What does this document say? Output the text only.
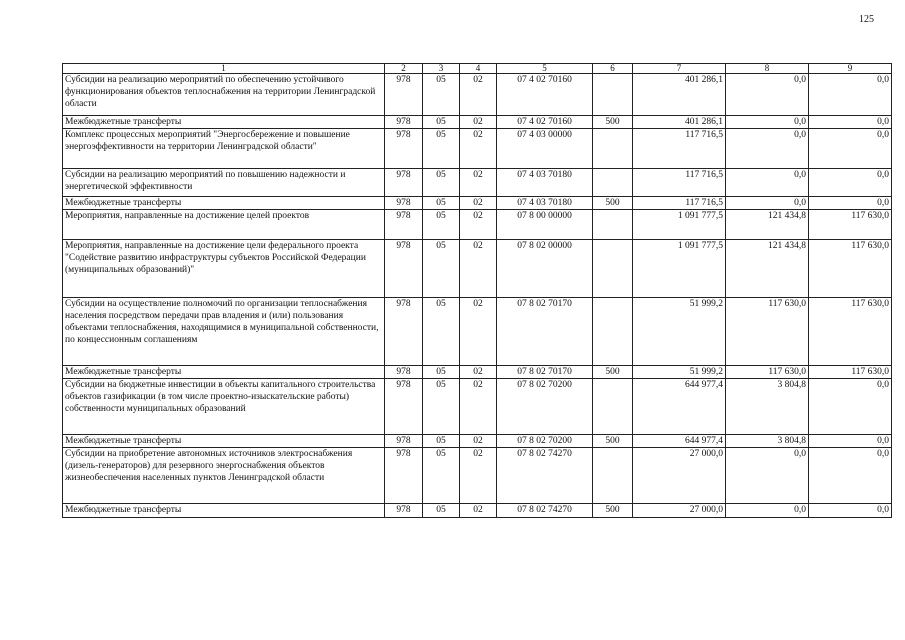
125
1	2	3	4	5	6	7	8	9
Субсидии на реализацию мероприятий по обеспечению устойчивого функционирования объектов теплоснабжения на территории Ленинградской области	978	05	02	07 4 02 70160		401 286,1	0,0	0,0
Межбюджетные трансферты	978	05	02	07 4 02 70160	500	401 286,1	0,0	0,0
Комплекс процессных мероприятий "Энергосбережение и повышение энергоэффективности на территории Ленинградской области"	978	05	02	07 4 03 00000		117 716,5	0,0	0,0
Субсидии на реализацию мероприятий по повышению надежности и энергетической эффективности	978	05	02	07 4 03 70180		117 716,5	0,0	0,0
Межбюджетные трансферты	978	05	02	07 4 03 70180	500	117 716,5	0,0	0,0
Мероприятия, направленные на достижение целей проектов	978	05	02	07 8 00 00000		1 091 777,5	121 434,8	117 630,0
Мероприятия, направленные на достижение цели федерального проекта "Содействие развитию инфраструктуры субъектов Российской Федерации (муниципальных образований)"	978	05	02	07 8 02 00000		1 091 777,5	121 434,8	117 630,0
Субсидии на осуществление полномочий по организации теплоснабжения населения посредством передачи прав владения и (или) пользования объектами теплоснабжения, находящимися в муниципальной собственности, по концессионным соглашениям	978	05	02	07 8 02 70170		51 999,2	117 630,0	117 630,0
Межбюджетные трансферты	978	05	02	07 8 02 70170	500	51 999,2	117 630,0	117 630,0
Субсидии на бюджетные инвестиции в объекты капитального строительства объектов газификации (в том числе проектно-изыскательские работы) собственности муниципальных образований	978	05	02	07 8 02 70200		644 977,4	3 804,8	0,0
Межбюджетные трансферты	978	05	02	07 8 02 70200	500	644 977,4	3 804,8	0,0
Субсидии на приобретение автономных источников электроснабжения (дизель-генераторов) для резервного энергоснабжения объектов жизнеобеспечения населенных пунктов Ленинградской области	978	05	02	07 8 02 74270		27 000,0	0,0	0,0
Межбюджетные трансферты	978	05	02	07 8 02 74270	500	27 000,0	0,0	0,0
